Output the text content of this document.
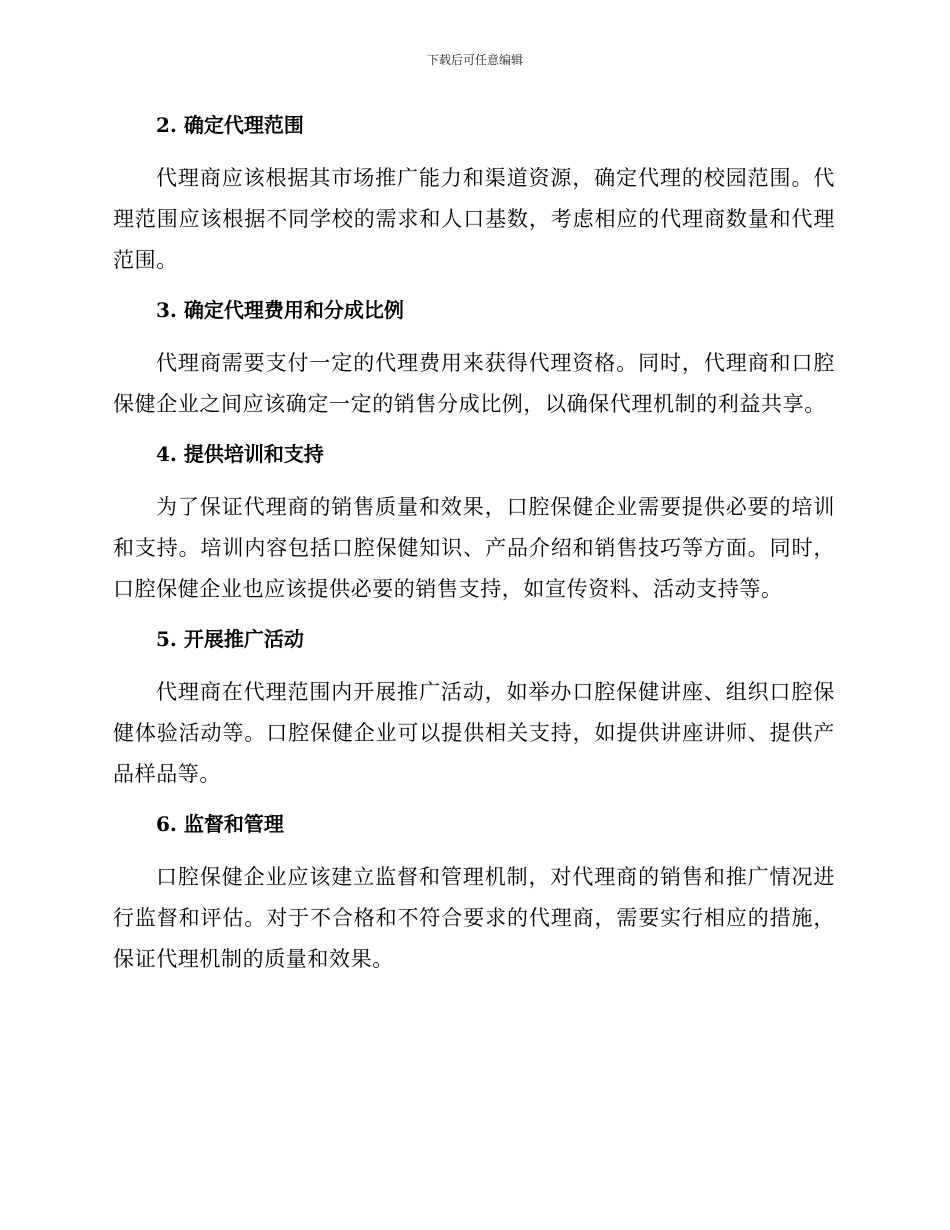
下载后可任意编辑
2. 确定代理范围

代理商应该根据其市场推广能力和渠道资源，确定代理的校园范围。代理范围应该根据不同学校的需求和人口基数，考虑相应的代理商数量和代理范围。

3. 确定代理费用和分成比例

代理商需要支付一定的代理费用来获得代理资格。同时，代理商和口腔保健企业之间应该确定一定的销售分成比例，以确保代理机制的利益共享。

4. 提供培训和支持

为了保证代理商的销售质量和效果，口腔保健企业需要提供必要的培训和支持。培训内容包括口腔保健知识、产品介绍和销售技巧等方面。同时，口腔保健企业也应该提供必要的销售支持，如宣传资料、活动支持等。

5. 开展推广活动

代理商在代理范围内开展推广活动，如举办口腔保健讲座、组织口腔保健体验活动等。口腔保健企业可以提供相关支持，如提供讲座讲师、提供产品样品等。

6. 监督和管理

口腔保健企业应该建立监督和管理机制，对代理商的销售和推广情况进行监督和评估。对于不合格和不符合要求的代理商，需要实行相应的措施，保证代理机制的质量和效果。
